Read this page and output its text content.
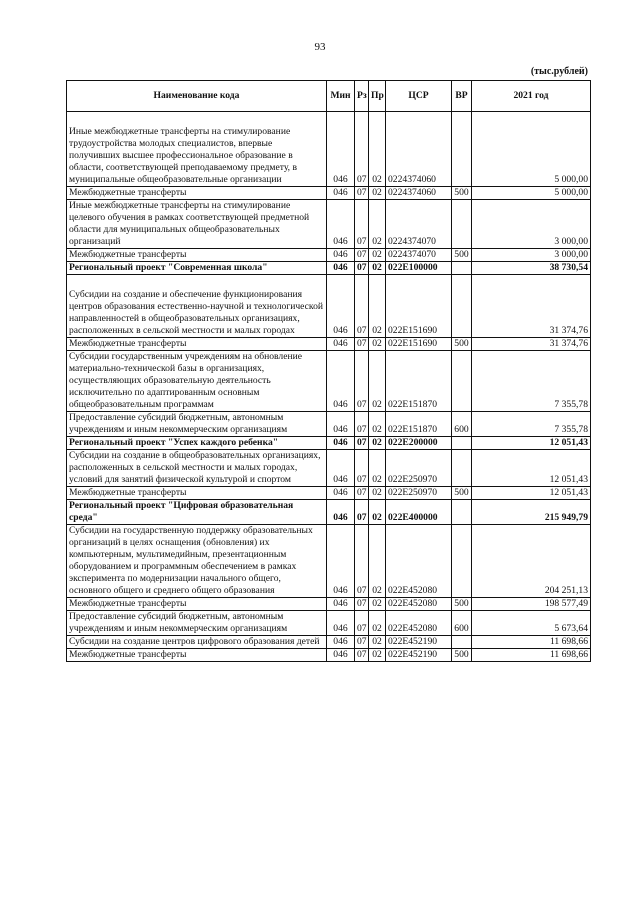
93
(тыс.рублей)
Наименование кода	Мин	Рз	Пр	ЦСР	ВР	2021 год

Иные межбюджетные трансферты на стимулирование трудоустройства молодых специалистов, впервые получивших высшее профессиональное образование в области, соответствующей преподаваемому предмету, в муниципальные общеобразовательные организации	046	07	02	0224374060		5 000,00
Межбюджетные трансферты	046	07	02	0224374060	500	5 000,00
Иные межбюджетные трансферты на стимулирование целевого обучения в рамках соответствующей предметной области для муниципальных общеобразовательных организаций	046	07	02	0224374070		3 000,00
Межбюджетные трансферты	046	07	02	0224374070	500	3 000,00
Региональный проект "Современная школа"	046	07	02	022E100000		38 730,54

Субсидии на создание и обеспечение функционирования центров образования естественно-научной и технологической направленностей в общеобразовательных организациях, расположенных в сельской местности и малых городах	046	07	02	022E151690		31 374,76
Межбюджетные трансферты	046	07	02	022E151690	500	31 374,76
Субсидии государственным учреждениям на обновление материально-технической базы в организациях, осуществляющих образовательную деятельность исключительно по адаптированным основным общеобразовательным программам	046	07	02	022E151870		7 355,78
Предоставление субсидий бюджетным, автономным учреждениям и иным некоммерческим организациям	046	07	02	022E151870	600	7 355,78
Региональный проект "Успех каждого ребенка"	046	07	02	022E200000		12 051,43
Субсидии на создание в общеобразовательных организациях, расположенных в сельской местности и малых городах, условий для занятий физической культурой и спортом	046	07	02	022E250970		12 051,43
Межбюджетные трансферты	046	07	02	022E250970	500	12 051,43
Региональный проект "Цифровая образовательная среда"	046	07	02	022E400000		215 949,79
Субсидии на государственную поддержку образовательных организаций в целях оснащения (обновления) их компьютерным, мультимедийным, презентационным оборудованием и программным обеспечением в рамках эксперимента по модернизации начального общего, основного общего и среднего общего образования	046	07	02	022E452080		204 251,13
Межбюджетные трансферты	046	07	02	022E452080	500	198 577,49
Предоставление субсидий бюджетным, автономным учреждениям и иным некоммерческим организациям	046	07	02	022E452080	600	5 673,64
Субсидии на создание центров цифрового образования детей	046	07	02	022E452190		11 698,66
Межбюджетные трансферты	046	07	02	022E452190	500	11 698,66
